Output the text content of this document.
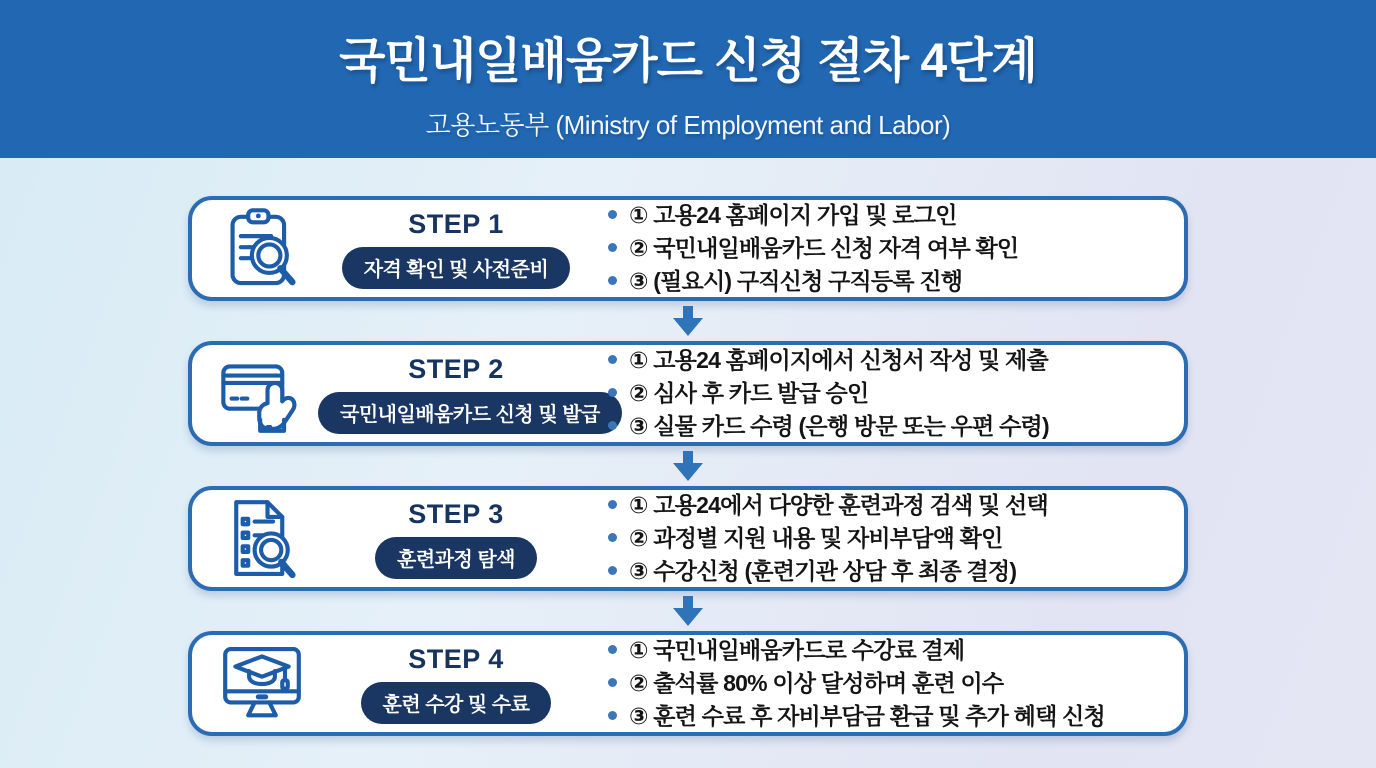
국민내일배움카드 신청 절차 4단계
고용노동부 (Ministry of Employment and Labor)
STEP 1
자격 확인 및 사전준비
① 고용24 홈페이지 가입 및 로그인
② 국민내일배움카드 신청 자격 여부 확인
③ (필요시) 구직신청 구직등록 진행
STEP 2
국민내일배움카드 신청 및 발급
① 고용24 홈페이지에서 신청서 작성 및 제출
② 심사 후 카드 발급 승인
③ 실물 카드 수령 (은행 방문 또는 우편 수령)
STEP 3
훈련과정 탐색
① 고용24에서 다양한 훈련과정 검색 및 선택
② 과정별 지원 내용 및 자비부담액 확인
③ 수강신청 (훈련기관 상담 후 최종 결정)
STEP 4
훈련 수강 및 수료
① 국민내일배움카드로 수강료 결제
② 출석률 80% 이상 달성하며 훈련 이수
③ 훈련 수료 후 자비부담금 환급 및 추가 혜택 신청
